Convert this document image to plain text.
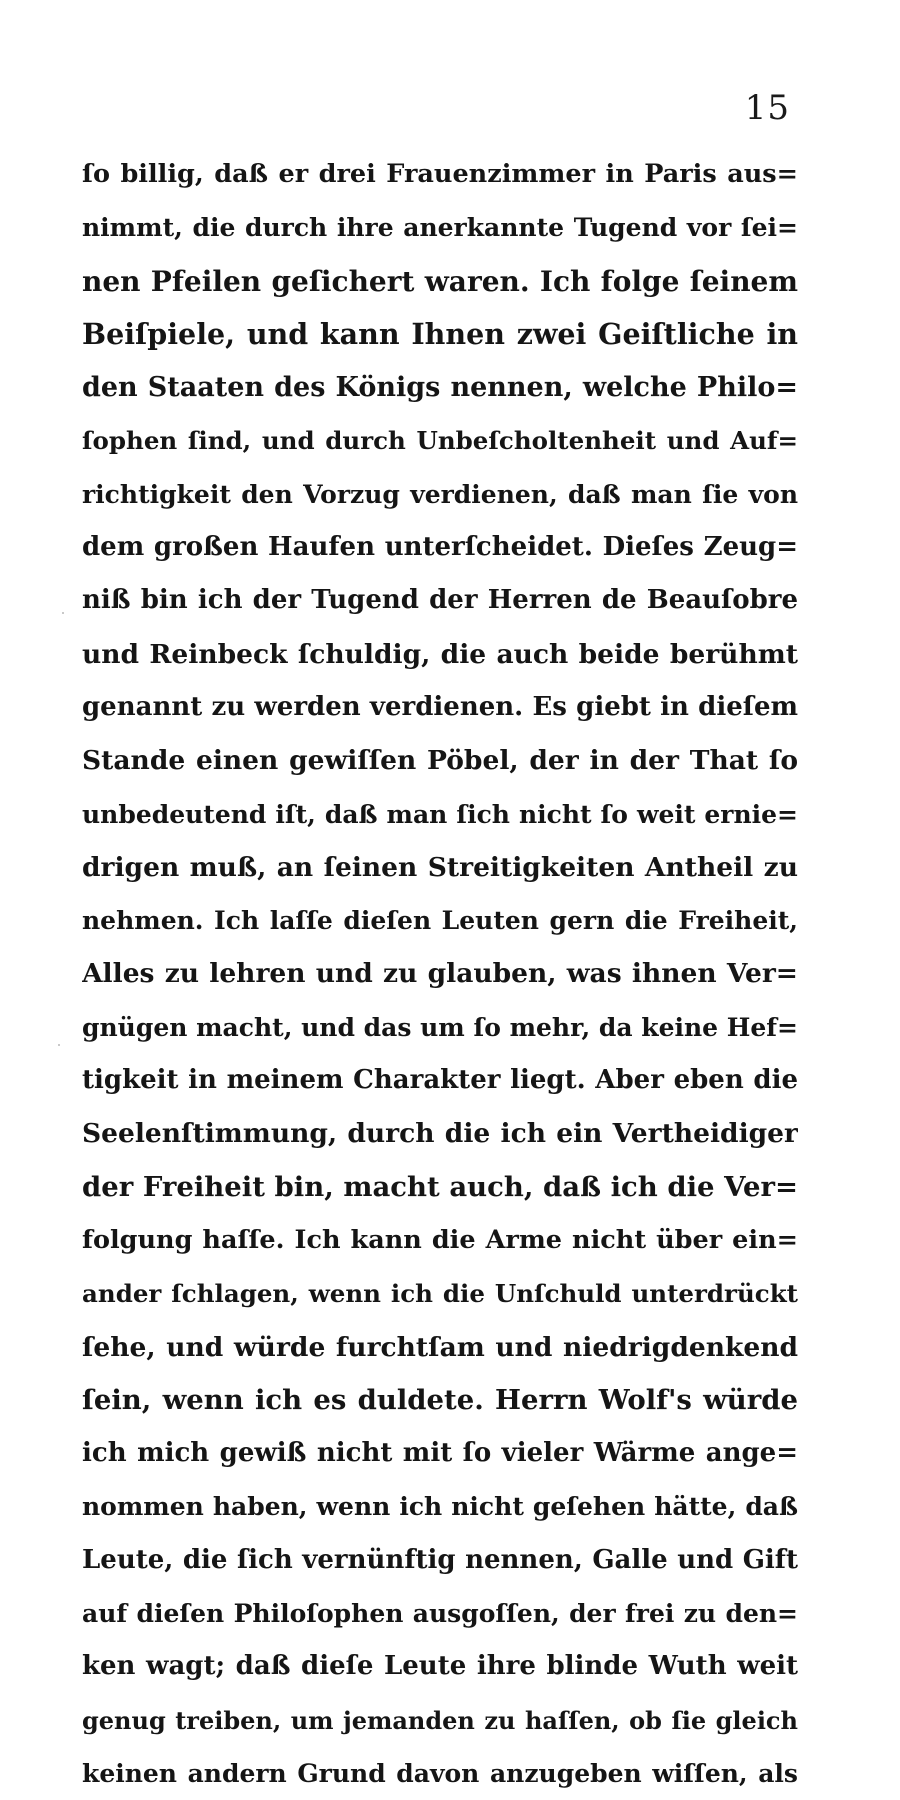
15
ſo billig, daß er drei Frauenzimmer in Paris aus=
nimmt, die durch ihre anerkannte Tugend vor ſei=
nen Pfeilen geſichert waren. Ich folge ſeinem
Beiſpiele, und kann Ihnen zwei Geiſtliche in
den Staaten des Königs nennen, welche Philo=
ſophen ſind, und durch Unbeſcholtenheit und Auf=
richtigkeit den Vorzug verdienen, daß man ſie von
dem großen Haufen unterſcheidet. Dieſes Zeug=
niß bin ich der Tugend der Herren de Beauſobre
und Reinbeck ſchuldig, die auch beide berühmt
genannt zu werden verdienen. Es giebt in dieſem
Stande einen gewiſſen Pöbel, der in der That ſo
unbedeutend iſt, daß man ſich nicht ſo weit ernie=
drigen muß, an ſeinen Streitigkeiten Antheil zu
nehmen. Ich laſſe dieſen Leuten gern die Freiheit,
Alles zu lehren und zu glauben, was ihnen Ver=
gnügen macht, und das um ſo mehr, da keine Hef=
tigkeit in meinem Charakter liegt. Aber eben die
Seelenſtimmung, durch die ich ein Vertheidiger
der Freiheit bin, macht auch, daß ich die Ver=
folgung haſſe. Ich kann die Arme nicht über ein=
ander ſchlagen, wenn ich die Unſchuld unterdrückt
ſehe, und würde furchtſam und niedrigdenkend
ſein, wenn ich es duldete. Herrn Wolf's würde
ich mich gewiß nicht mit ſo vieler Wärme ange=
nommen haben, wenn ich nicht geſehen hätte, daß
Leute, die ſich vernünftig nennen, Galle und Gift
auf dieſen Philoſophen ausgoſſen, der frei zu den=
ken wagt; daß dieſe Leute ihre blinde Wuth weit
genug treiben, um jemanden zu haſſen, ob ſie gleich
keinen andern Grund davon anzugeben wiſſen, als
